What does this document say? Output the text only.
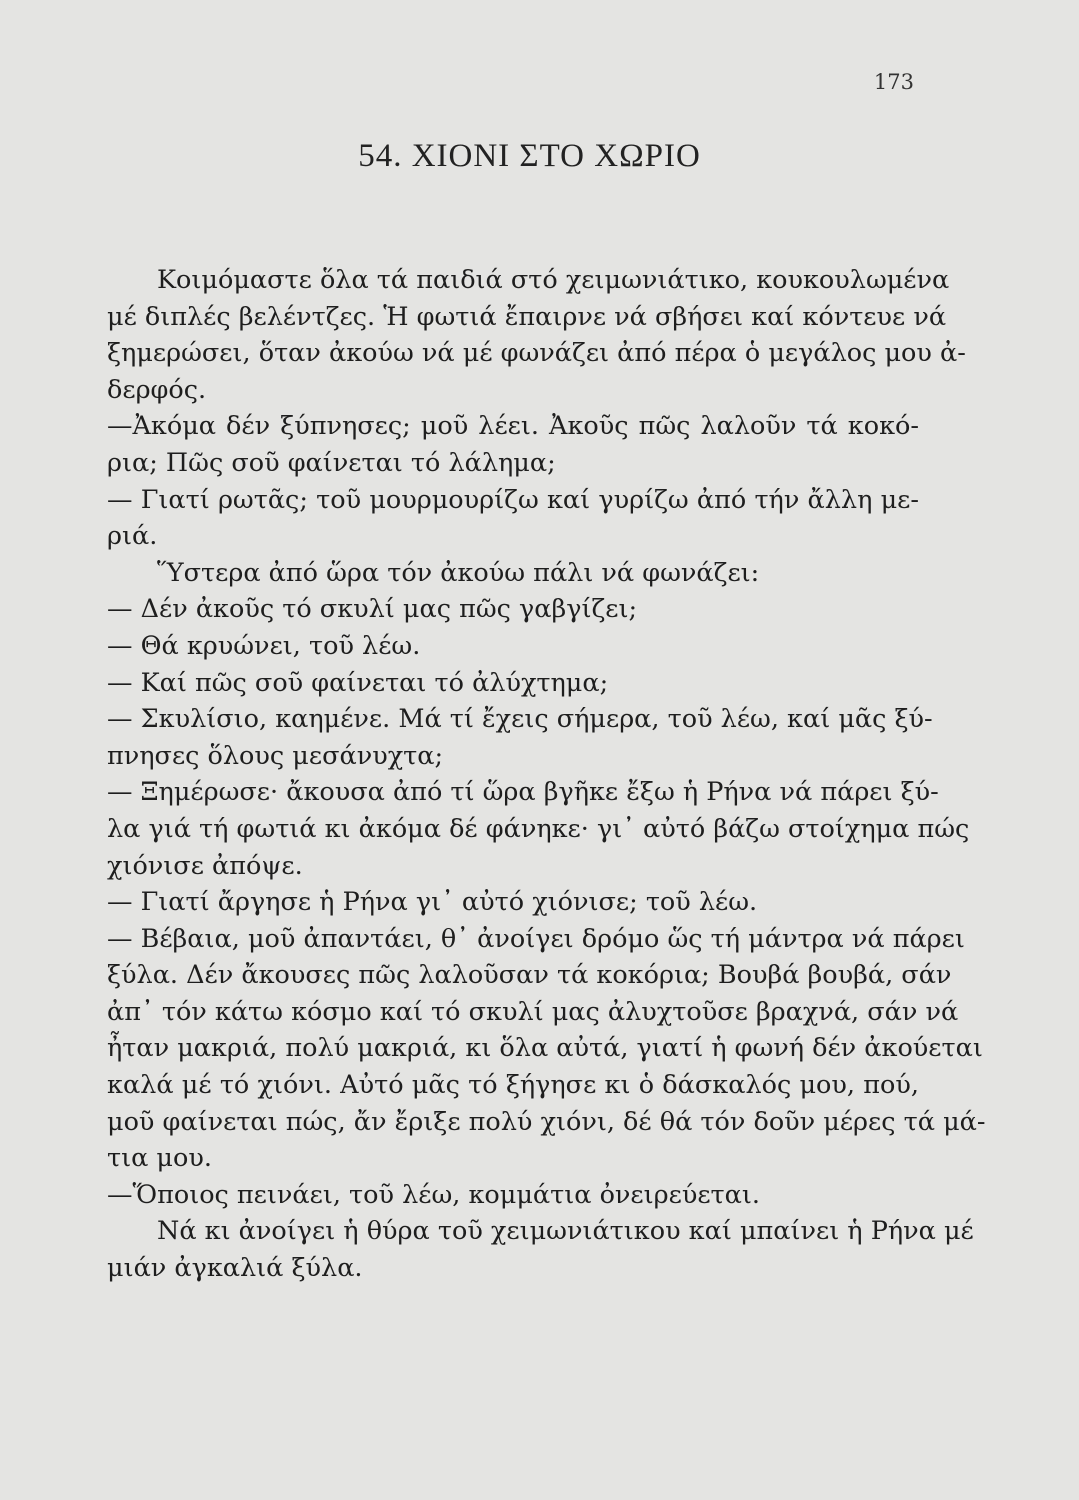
173
54. ΧΙΟΝΙ ΣΤΟ ΧΩΡΙΟ
Κοιμόμαστε ὅλα τά παιδιά στό χειμωνιάτικο, κουκουλωμένα
μέ διπλές βελέντζες. Ἡ φωτιά ἔπαιρνε νά σβήσει καί κόντευε νά
ξημερώσει, ὅταν ἀκούω νά μέ φωνάζει ἀπό πέρα ὁ μεγάλος μου ἀ-
δερφός.
—Ἀκόμα δέν ξύπνησες; μοῦ λέει. Ἀκοῦς πῶς λαλοῦν τά κοκό-
ρια; Πῶς σοῦ φαίνεται τό λάλημα;
— Γιατί ρωτᾶς; τοῦ μουρμουρίζω καί γυρίζω ἀπό τήν ἄλλη με-
ριά.
Ὕστερα ἀπό ὥρα τόν ἀκούω πάλι νά φωνάζει:
— Δέν ἀκοῦς τό σκυλί μας πῶς γαβγίζει;
— Θά κρυώνει, τοῦ λέω.
— Καί πῶς σοῦ φαίνεται τό ἀλύχτημα;
— Σκυλίσιο, καημένε. Μά τί ἔχεις σήμερα, τοῦ λέω, καί μᾶς ξύ-
πνησες ὅλους μεσάνυχτα;
— Ξημέρωσε· ἄκουσα ἀπό τί ὥρα βγῆκε ἔξω ἡ Ρήνα νά πάρει ξύ-
λα γιά τή φωτιά κι ἀκόμα δέ φάνηκε· γι᾽ αὐτό βάζω στοίχημα πώς
χιόνισε ἀπόψε.
— Γιατί ἄργησε ἡ Ρήνα γι᾽ αὐτό χιόνισε; τοῦ λέω.
— Βέβαια, μοῦ ἀπαντάει, θ᾽ ἀνοίγει δρόμο ὥς τή μάντρα νά πάρει
ξύλα. Δέν ἄκουσες πῶς λαλοῦσαν τά κοκόρια; Βουβά βουβά, σάν
ἀπ᾽ τόν κάτω κόσμο καί τό σκυλί μας ἀλυχτοῦσε βραχνά, σάν νά
ἦταν μακριά, πολύ μακριά, κι ὅλα αὐτά, γιατί ἡ φωνή δέν ἀκούεται
καλά μέ τό χιόνι. Αὐτό μᾶς τό ξήγησε κι ὁ δάσκαλός μου, πού,
μοῦ φαίνεται πώς, ἄν ἔριξε πολύ χιόνι, δέ θά τόν δοῦν μέρες τά μά-
τια μου.
—Ὅποιος πεινάει, τοῦ λέω, κομμάτια ὀνειρεύεται.
Νά κι ἀνοίγει ἡ θύρα τοῦ χειμωνιάτικου καί μπαίνει ἡ Ρήνα μέ
μιάν ἀγκαλιά ξύλα.
